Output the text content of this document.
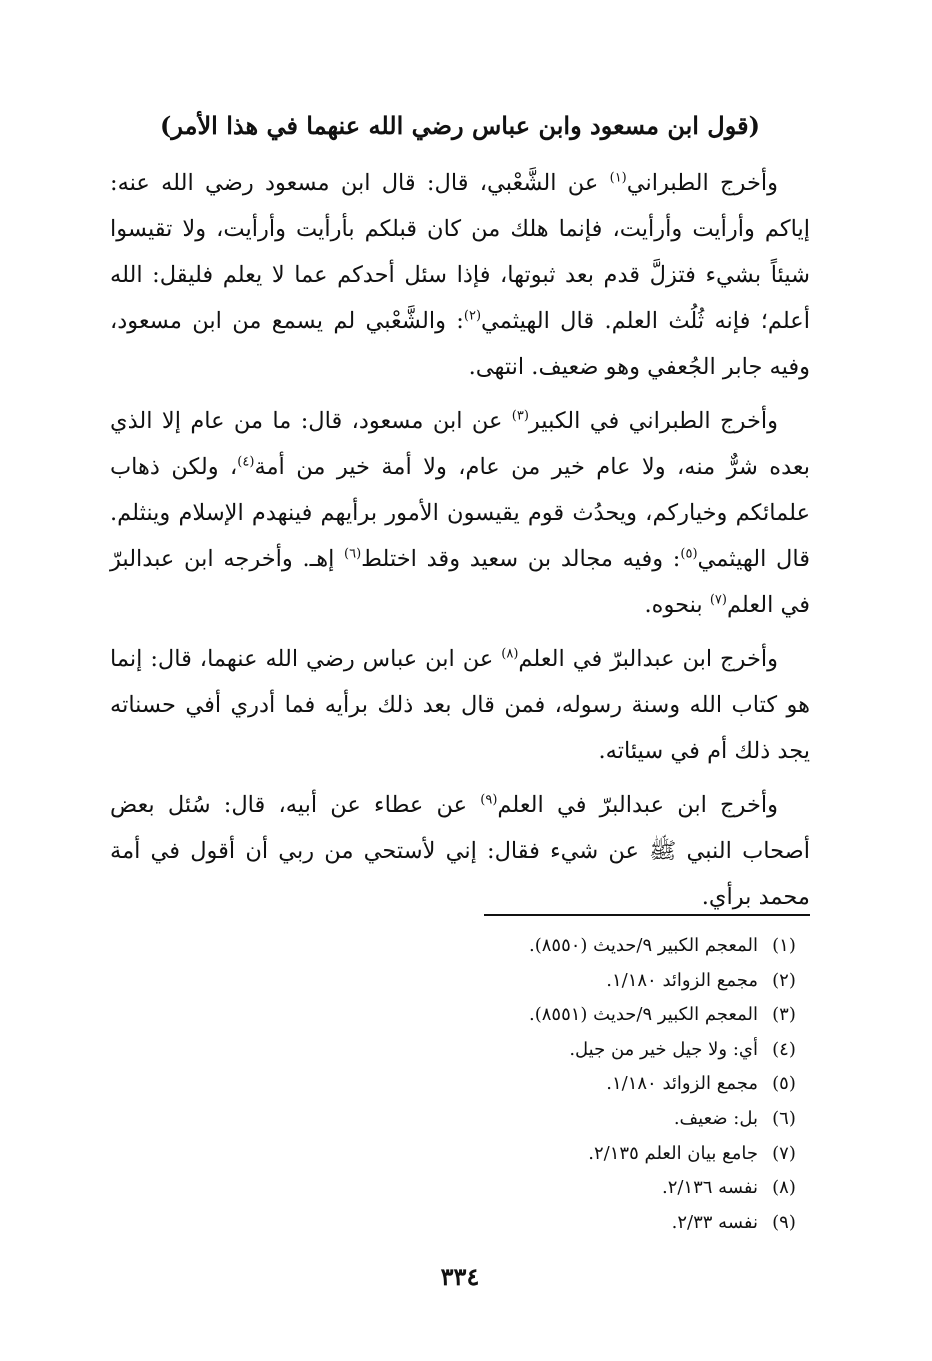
(قول ابن مسعود وابن عباس رضي الله عنهما في هذا الأمر)

وأخرج الطبراني$^{(١)}$ عن الشَّعْبي، قال: قال ابن مسعود رضي الله عنه: إياكم وأرأيت وأرأيت، فإنما هلك من كان قبلكم بأرأيت وأرأيت، ولا تقيسوا شيئاً بشيء فتزلَّ قدم بعد ثبوتها، فإذا سئل أحدكم عما لا يعلم فليقل: الله أعلم؛ فإنه ثُلُث العلم. قال الهيثمي$^{(٢)}$: والشَّعْبي لم يسمع من ابن مسعود، وفيه جابر الجُعفي وهو ضعيف. انتهى.

وأخرج الطبراني في الكبير$^{(٣)}$ عن ابن مسعود، قال: ما من عام إلا الذي بعده شرٌّ منه، ولا عام خير من عام، ولا أمة خير من أمة$^{(٤)}$، ولكن ذهاب علمائكم وخياركم، ويحدُث قوم يقيسون الأمور برأيهم فينهدم الإسلام وينثلم. قال الهيثمي$^{(٥)}$: وفيه مجالد بن سعيد وقد اختلط$^{(٦)}$ إهـ. وأخرجه ابن عبدالبرّ في العلم$^{(٧)}$ بنحوه.

وأخرج ابن عبدالبرّ في العلم$^{(٨)}$ عن ابن عباس رضي الله عنهما، قال: إنما هو كتاب الله وسنة رسوله، فمن قال بعد ذلك برأيه فما أدري أفي حسناته يجد ذلك أم في سيئاته.

وأخرج ابن عبدالبرّ في العلم$^{(٩)}$ عن عطاء عن أبيه، قال: سُئل بعض أصحاب النبي ﷺ عن شيء فقال: إني لأستحي من ربي أن أقول في أمة محمد برأي.

(١)المعجم الكبير ٩/حديث (٨٥٥٠).
(٢)مجمع الزوائد ١/١٨٠.
(٣)المعجم الكبير ٩/حديث (٨٥٥١).
(٤)أي: ولا جيل خير من جيل.
(٥)مجمع الزوائد ١/١٨٠.
(٦)بل: ضعيف.
(٧)جامع بيان العلم ٢/١٣٥.
(٨)نفسه ٢/١٣٦.
(٩)نفسه ٢/٣٣.
٣٣٤
